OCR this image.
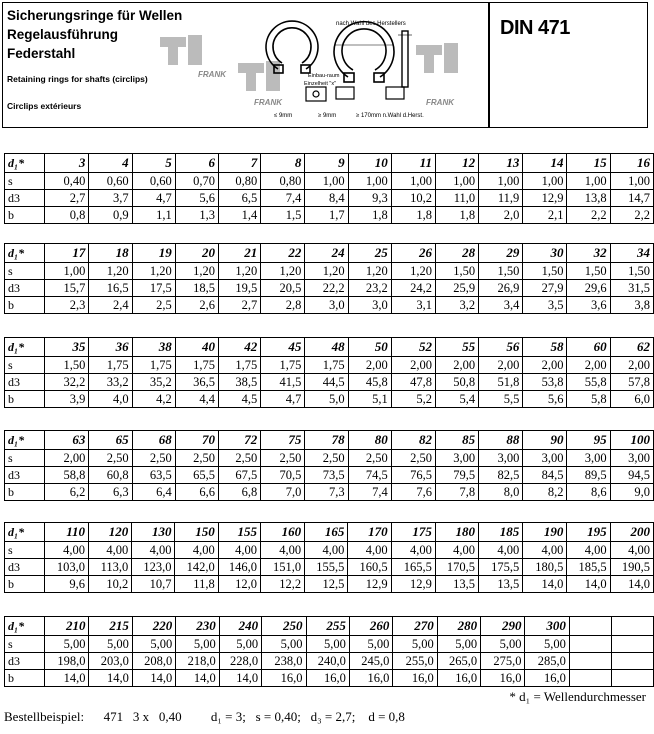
Sicherungsringe für Wellen
Regelausführung
Federstahl
Retaining rings for shafts (circlips)
Circlips extérieurs
FRANK
FRANK	FRANK
nach Wahl des Herstellers
Einbau-raum
Einzelheit "x"
≤ 9mm	≥ 9mm	≥ 170mm n.Wahl d.Herst.
DIN 471
d₁*	3	4	5	6	7	8	9	10	11	12	13	14	15	16
s	0,40	0,60	0,60	0,70	0,80	0,80	1,00	1,00	1,00	1,00	1,00	1,00	1,00	1,00
d3	2,7	3,7	4,7	5,6	6,5	7,4	8,4	9,3	10,2	11,0	11,9	12,9	13,8	14,7
b	0,8	0,9	1,1	1,3	1,4	1,5	1,7	1,8	1,8	1,8	2,0	2,1	2,2	2,2
d₁*	17	18	19	20	21	22	24	25	26	28	29	30	32	34
s	1,00	1,20	1,20	1,20	1,20	1,20	1,20	1,20	1,20	1,50	1,50	1,50	1,50	1,50
d3	15,7	16,5	17,5	18,5	19,5	20,5	22,2	23,2	24,2	25,9	26,9	27,9	29,6	31,5
b	2,3	2,4	2,5	2,6	2,7	2,8	3,0	3,0	3,1	3,2	3,4	3,5	3,6	3,8
d₁*	35	36	38	40	42	45	48	50	52	55	56	58	60	62
s	1,50	1,75	1,75	1,75	1,75	1,75	1,75	2,00	2,00	2,00	2,00	2,00	2,00	2,00
d3	32,2	33,2	35,2	36,5	38,5	41,5	44,5	45,8	47,8	50,8	51,8	53,8	55,8	57,8
b	3,9	4,0	4,2	4,4	4,5	4,7	5,0	5,1	5,2	5,4	5,5	5,6	5,8	6,0
d₁*	63	65	68	70	72	75	78	80	82	85	88	90	95	100
s	2,00	2,50	2,50	2,50	2,50	2,50	2,50	2,50	2,50	3,00	3,00	3,00	3,00	3,00
d3	58,8	60,8	63,5	65,5	67,5	70,5	73,5	74,5	76,5	79,5	82,5	84,5	89,5	94,5
b	6,2	6,3	6,4	6,6	6,8	7,0	7,3	7,4	7,6	7,8	8,0	8,2	8,6	9,0
d₁*	110	120	130	150	155	160	165	170	175	180	185	190	195	200
s	4,00	4,00	4,00	4,00	4,00	4,00	4,00	4,00	4,00	4,00	4,00	4,00	4,00	4,00
d3	103,0	113,0	123,0	142,0	146,0	151,0	155,5	160,5	165,5	170,5	175,5	180,5	185,5	190,5
b	9,6	10,2	10,7	11,8	12,0	12,2	12,5	12,9	12,9	13,5	13,5	14,0	14,0	14,0
d₁*	210	215	220	230	240	250	255	260	270	280	290	300		
s	5,00	5,00	5,00	5,00	5,00	5,00	5,00	5,00	5,00	5,00	5,00	5,00		
d3	198,0	203,0	208,0	218,0	228,0	238,0	240,0	245,0	255,0	265,0	275,0	285,0		
b	14,0	14,0	14,0	14,0	14,0	16,0	16,0	16,0	16,0	16,0	16,0	16,0		
* d₁ = Wellendurchmesser
Bestellbeispiel:      471   3 x   0,40         d₁ = 3;   s = 0,40;   d₃ = 2,7;    d = 0,8
